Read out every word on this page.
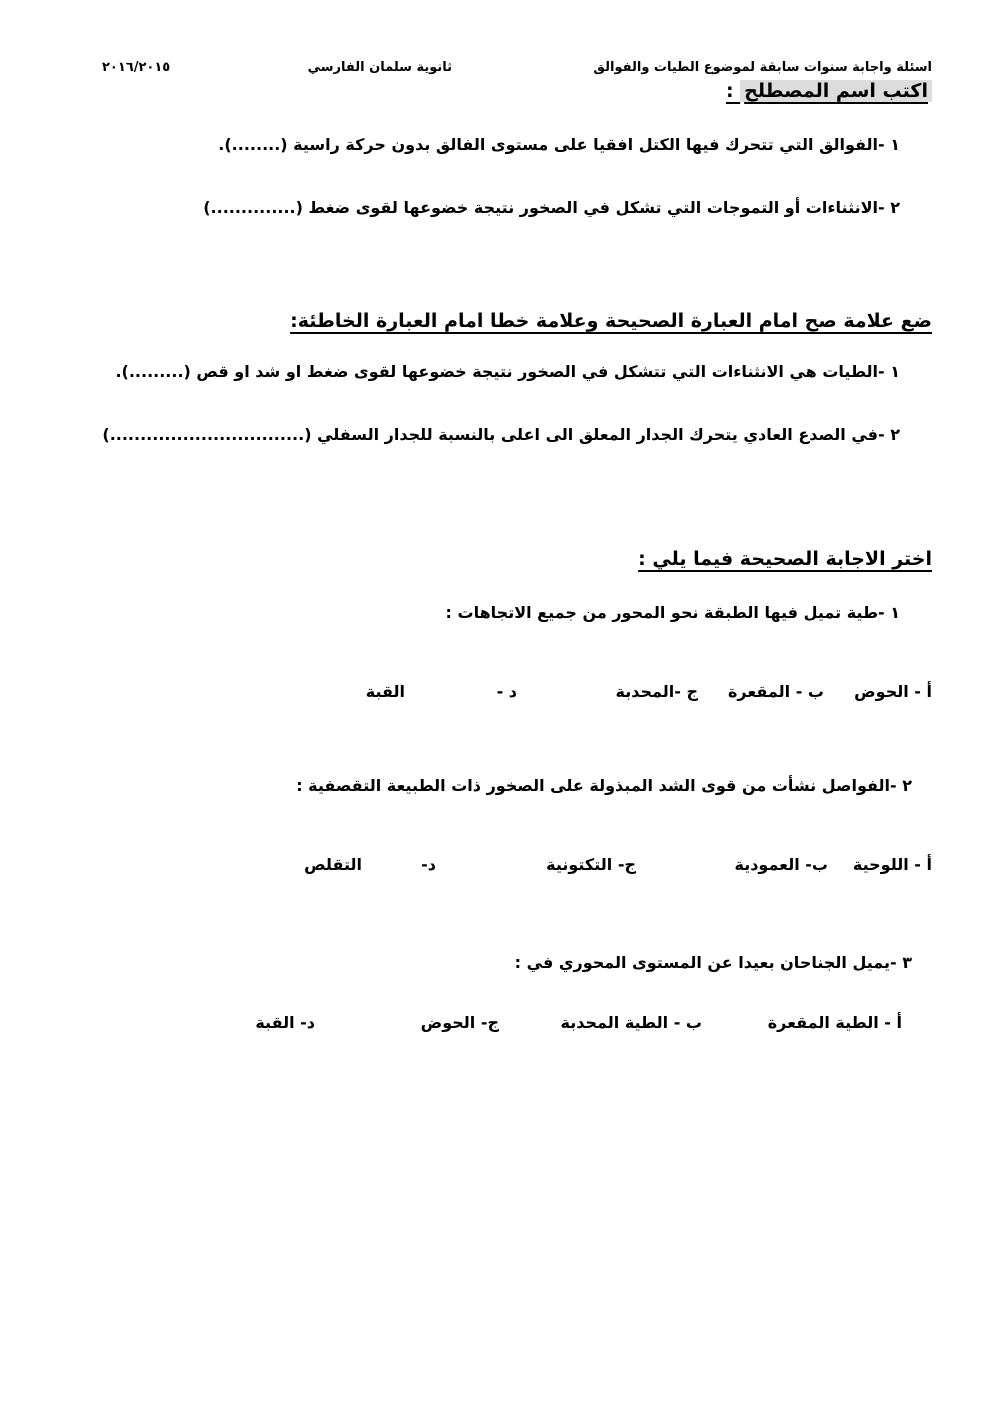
اسئلة واجابة سنوات سابقة لموضوع الطيات والفوالق
ثانوية سلمان الفارسي
٢٠١٦/٢٠١٥
اكتب اسم المصطلح :
١ -الفوالق التي تتحرك فيها الكتل افقيا على مستوى الفالق بدون حركة راسية (........).
٢ -الانثناءات أو التموجات التي تشكل في الصخور نتيجة خضوعها لقوى ضغط (..............)
ضع علامة صح امام العبارة الصحيحة وعلامة خطا امام العبارة الخاطئة:
١ -الطيات هي الانثناءات التي تتشكل في الصخور نتيجة خضوعها لقوى ضغط او شد او قص (.........).
٢ -في الصدع العادي يتحرك الجدار المعلق الى اعلى بالنسبة للجدار السفلي (................................)
اختر الاجابة الصحيحة فيما يلي :
١ -طية تميل فيها الطبقة نحو المحور من جميع الاتجاهات :
أ - الحوض
ب - المقعرة
ج -المحدبة
د -
القبة
٢ -الفواصل نشأت من قوى الشد المبذولة على الصخور ذات الطبيعة التقصفية :
أ - اللوحية
ب- العمودية
ج- التكتونية
د-
التقلص
٣ -يميل الجناحان بعيدا عن المستوى المحوري في :
أ - الطية المقعرة
ب - الطية المحدبة
ج- الحوض
د- القبة
